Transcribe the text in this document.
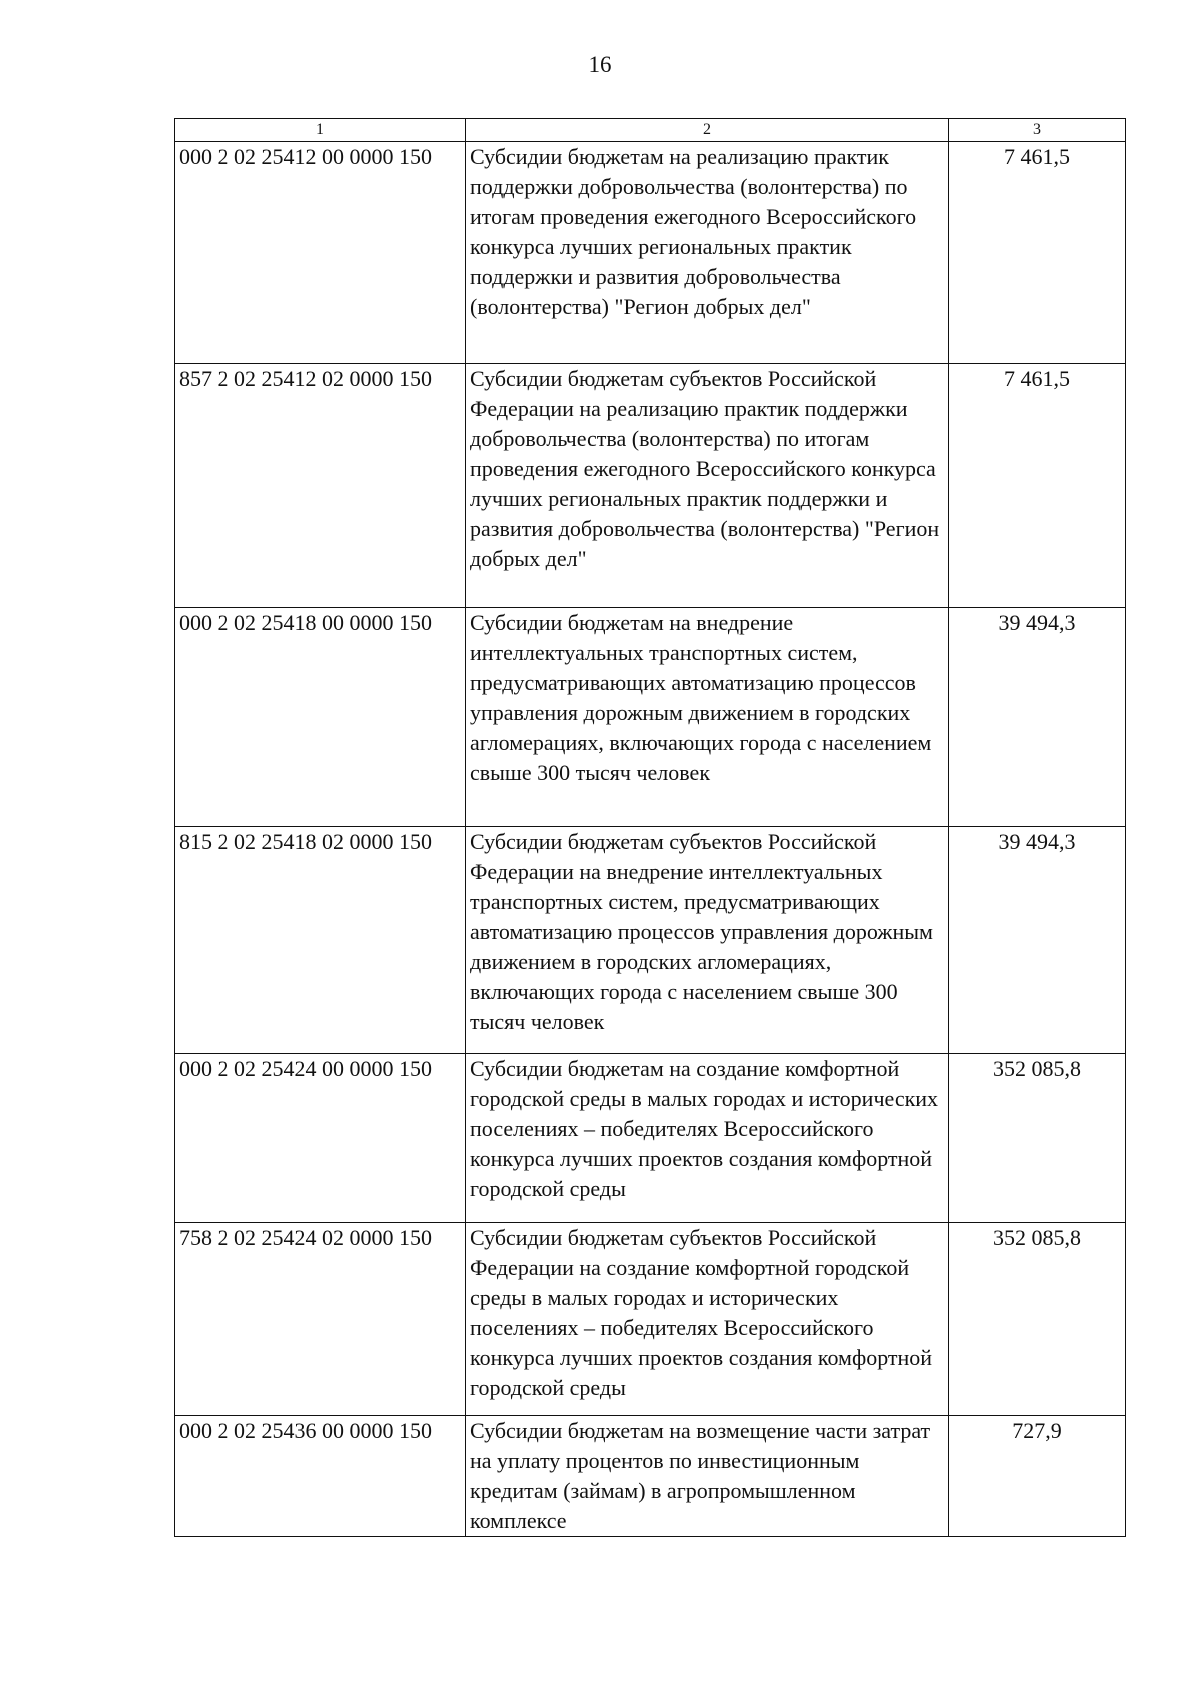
16
1	2	3
000 2 02 25412 00 0000 150	Субсидии бюджетам на реализацию практик поддержки добровольчества (волонтерства) по итогам проведения ежегодного Всероссийского конкурса лучших региональных практик поддержки и развития добровольчества (волонтерства) "Регион добрых дел"	7 461,5
857 2 02 25412 02 0000 150	Субсидии бюджетам субъектов Российской Федерации на реализацию практик поддержки добровольчества (волонтерства) по итогам проведения ежегодного Всероссийского конкурса лучших региональных практик поддержки и развития добровольчества (волонтерства) "Регион добрых дел"	7 461,5
000 2 02 25418 00 0000 150	Субсидии бюджетам на внедрение интеллектуальных транспортных систем, предусматривающих автоматизацию процессов управления дорожным движением в городских агломерациях, включающих города с населением свыше 300 тысяч человек	39 494,3
815 2 02 25418 02 0000 150	Субсидии бюджетам субъектов Российской Федерации на внедрение интеллектуальных транспортных систем, предусматривающих автоматизацию процессов управления дорожным движением в городских агломерациях, включающих города с населением свыше 300 тысяч человек	39 494,3
000 2 02 25424 00 0000 150	Субсидии бюджетам на создание комфортной городской среды в малых городах и исторических поселениях – победителях Всероссийского конкурса лучших проектов создания комфортной городской среды	352 085,8
758 2 02 25424 02 0000 150	Субсидии бюджетам субъектов Российской Федерации на создание комфортной городской среды в малых городах и исторических поселениях – победителях Всероссийского конкурса лучших проектов создания комфортной городской среды	352 085,8
000 2 02 25436 00 0000 150	Субсидии бюджетам на возмещение части затрат на уплату процентов по инвестиционным кредитам (займам) в агропромышленном комплексе	727,9
